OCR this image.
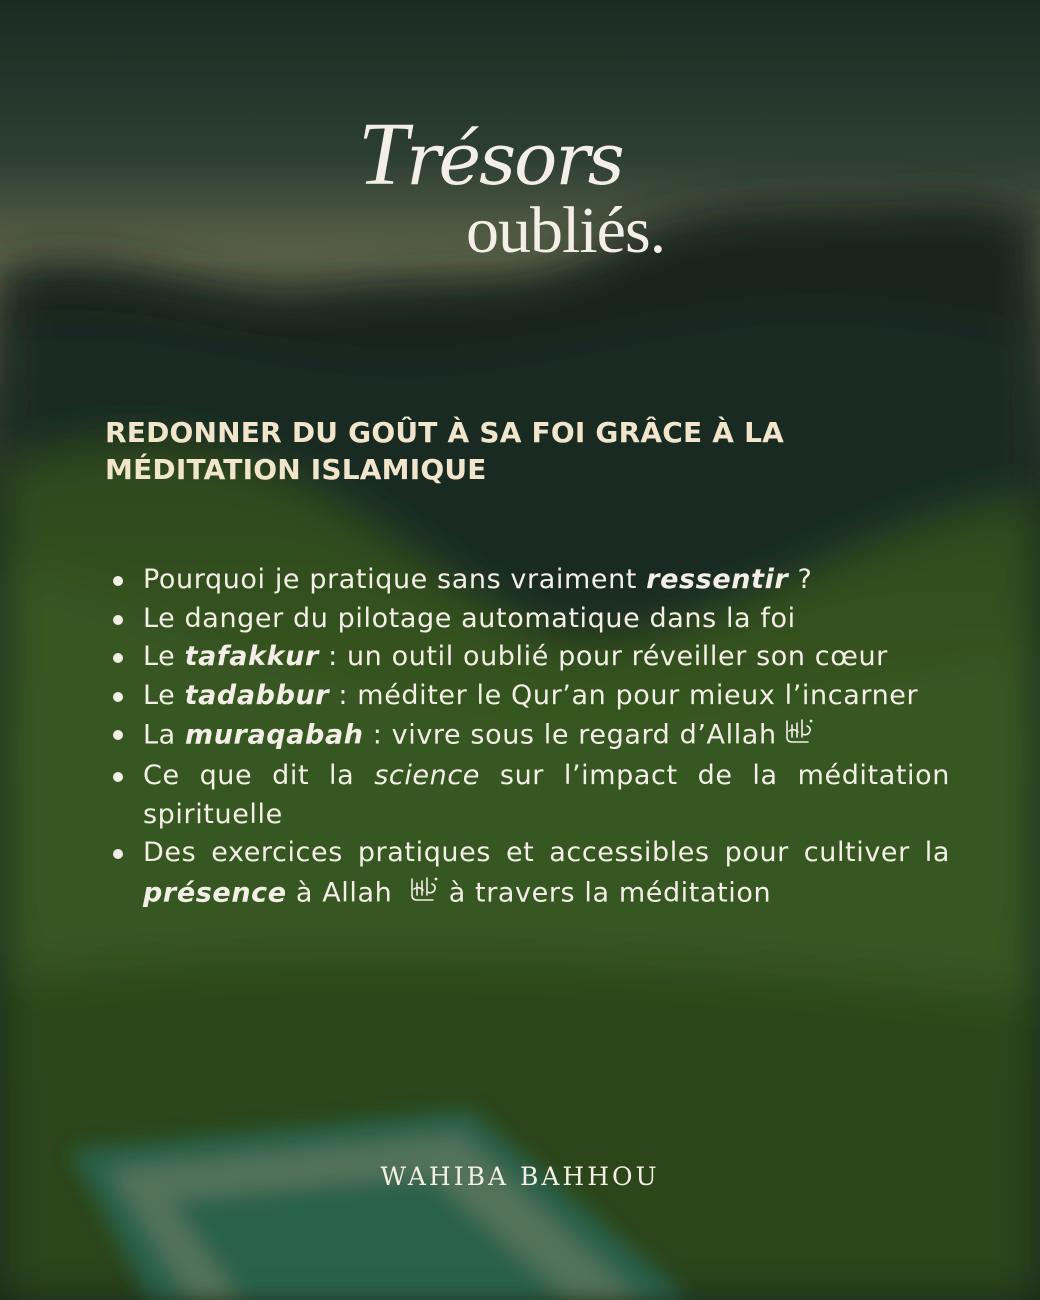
Trésors
oubliés.
REDONNER DU GOÛT À SA FOI GRÂCE À LA MÉDITATION ISLAMIQUE
Pourquoi je pratique sans vraiment ressentir ?
Le danger du pilotage automatique dans la foi
Le tafakkur : un outil oublié pour réveiller son cœur
Le tadabbur : méditer le Qur’an pour mieux l’incarner
La muraqabah : vivre sous le regard d’Allah
Ce que dit la science sur l’impact de la méditation spirituelle
Des exercices pratiques et accessibles pour cultiver la présence à Allah  à travers la méditation
WAHIBA BAHHOU
